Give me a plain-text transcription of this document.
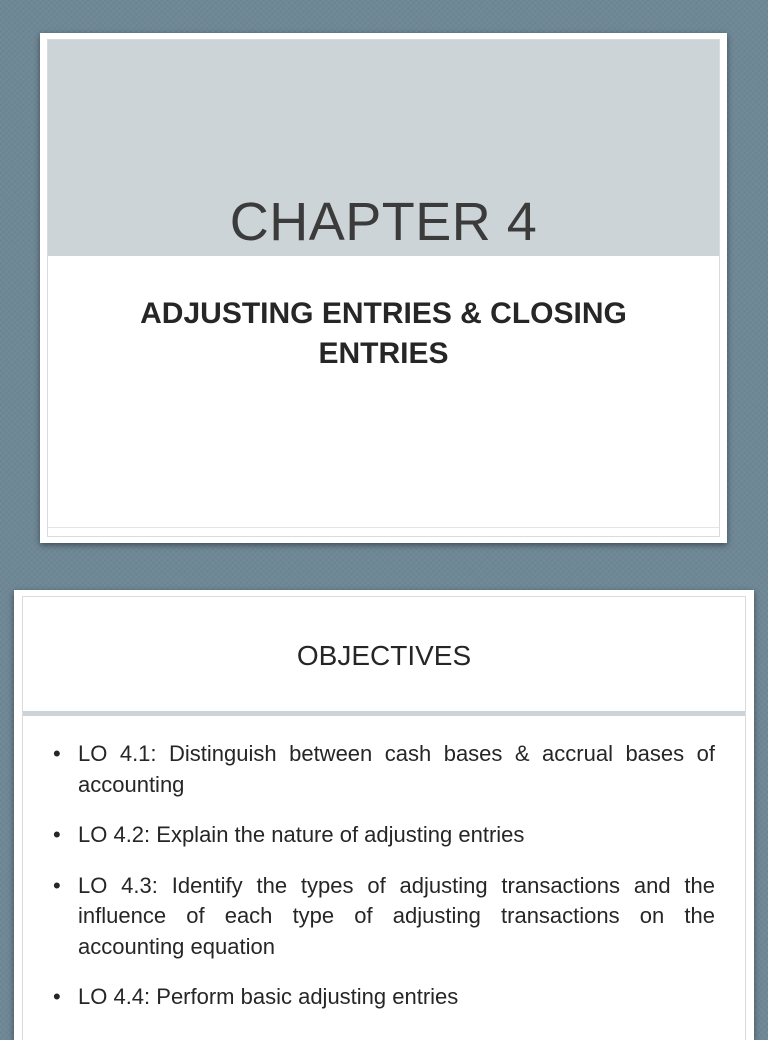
CHAPTER 4
ADJUSTING ENTRIES & CLOSING ENTRIES
OBJECTIVES
• LO 4.1: Distinguish between cash bases & accrual bases of accounting
• LO 4.2: Explain the nature of adjusting entries
• LO 4.3: Identify the types of adjusting transactions and the influence of each type of adjusting transactions on the accounting equation
• LO 4.4: Perform basic adjusting entries
